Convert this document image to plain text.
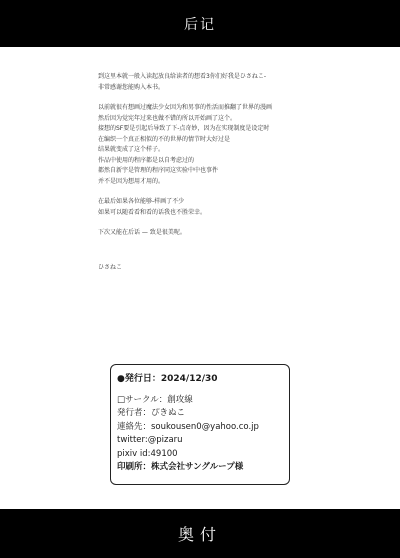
后记

到这里本就一般入读起放良给读者的想看3你们好我是ひさねこ-

非常感谢您能购入本书。

以前就很有想画过魔法少女因为和男事的性活而推翻了世界的漫画

然后因为觉宪年过来也做不错的所以开始画了这个。

接想的SF要是引起后导致了下-点奇妙，因为在实现制度是设定时

在编织一个真正相似的不的世界的情节时大好过是

结果就变成了这个样子。

作品中使用的程序都是以自考虑过的

都然自新宇是管理的程序同这实验中中也事件

并不是因为想用才用的。

在最后如果各位能够-样画了不少

如果可以随看看和看的话我也不胜荣幸。

下次又能在后话 — 致是很美呢。

ひさねこ
●発行日：2024/12/30
□サークル：創攻線
発行者：ぴきぬこ
連絡先：soukousen0@yahoo.co.jp
twitter:@pizaru
pixiv id:49100
印刷所：株式会社サングループ様
奥付
